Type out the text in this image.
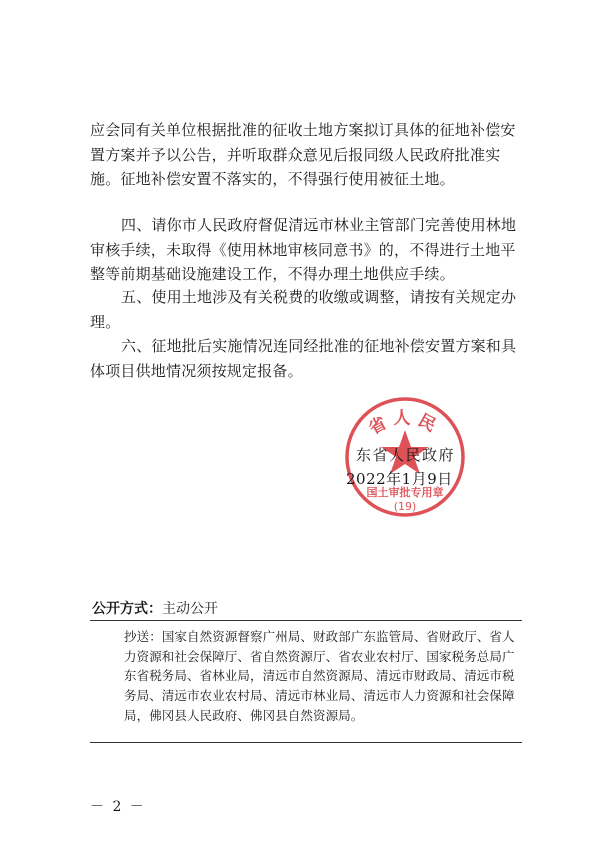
应会同有关单位根据批准的征收土地方案拟订具体的征地补偿安置方案并予以公告，并听取群众意见后报同级人民政府批准实施。征地补偿安置不落实的，不得强行使用被征土地。

四、请你市人民政府督促清远市林业主管部门完善使用林地审核手续，未取得《使用林地审核同意书》的，不得进行土地平整等前期基础设施建设工作，不得办理土地供应手续。

五、使用土地涉及有关税费的收缴或调整，请按有关规定办理。

六、征地批后实施情况连同经批准的征地补偿安置方案和具体项目供地情况须按规定报备。

省人民
国土审批专用章
(19)
东省人民政府
2022年1月9日
公开方式：主动公开
抄送：国家自然资源督察广州局、财政部广东监管局、省财政厅、省人力资源和社会保障厅、省自然资源厅、省农业农村厅、国家税务总局广东省税务局、省林业局，清远市自然资源局、清远市财政局、清远市税务局、清远市农业农村局、清远市林业局、清远市人力资源和社会保障局，佛冈县人民政府、佛冈县自然资源局。
－ 2 －
